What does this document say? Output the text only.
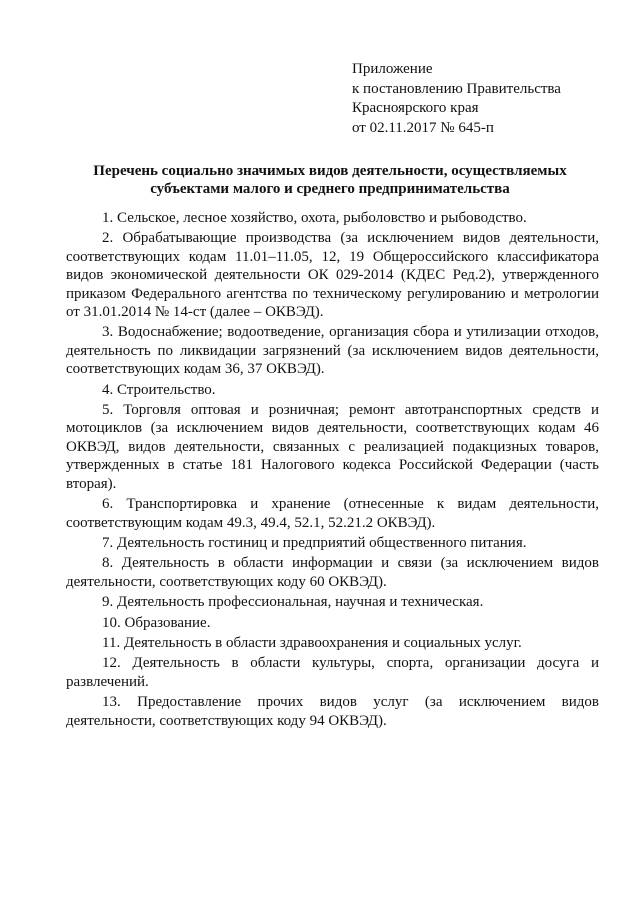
Приложение
к постановлению Правительства
Красноярского края
от 02.11.2017 № 645-п
Перечень социально значимых видов деятельности, осуществляемых
субъектами малого и среднего предпринимательства

1. Сельское, лесное хозяйство, охота, рыболовство и рыбоводство.

2. Обрабатывающие производства (за исключением видов деятельности, соответствующих кодам 11.01–11.05, 12, 19 Общероссийского классификатора видов экономической деятельности ОК 029-2014 (КДЕС Ред.2), утвержденного приказом Федерального агентства по техническому регулированию и метрологии от 31.01.2014 № 14-ст (далее – ОКВЭД).

3. Водоснабжение; водоотведение, организация сбора и утилизации отходов, деятельность по ликвидации загрязнений (за исключением видов деятельности, соответствующих кодам 36, 37 ОКВЭД).

4. Строительство.

5. Торговля оптовая и розничная; ремонт автотранспортных средств и мотоциклов (за исключением видов деятельности, соответствующих кодам 46 ОКВЭД, видов деятельности, связанных с реализацией подакцизных товаров, утвержденных в статье 181 Налогового кодекса Российской Федерации (часть вторая).

6. Транспортировка и хранение (отнесенные к видам деятельности, соответствующим кодам 49.3, 49.4, 52.1, 52.21.2 ОКВЭД).

7. Деятельность гостиниц и предприятий общественного питания.

8. Деятельность в области информации и связи (за исключением видов деятельности, соответствующих коду 60 ОКВЭД).

9. Деятельность профессиональная, научная и техническая.

10. Образование.

11. Деятельность в области здравоохранения и социальных услуг.

12. Деятельность в области культуры, спорта, организации досуга и развлечений.

13. Предоставление прочих видов услуг (за исключением видов деятельности, соответствующих коду 94 ОКВЭД).
